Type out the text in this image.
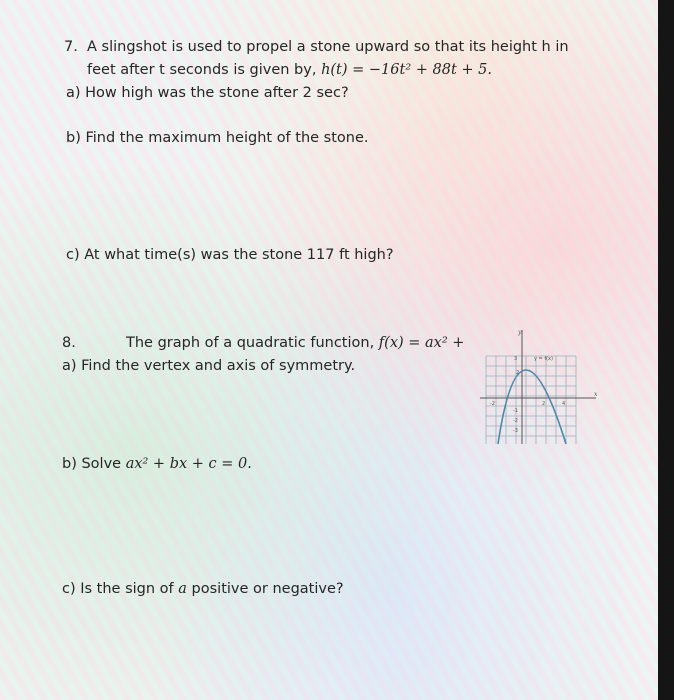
7. A slingshot is used to propel a stone upward so that its height h in
feet after t seconds is given by, h(t) = −16t² + 88t + 5.
a) How high was the stone after 2 sec?
b) Find the maximum height of the stone.
c) At what time(s) was the stone 117 ft high?
8.	The graph of a quadratic function, f(x) = ax² +
a) Find the vertex and axis of symmetry.
b) Solve ax² + bx + c = 0.
c) Is the sign of a positive or negative?
y
x
y = f(x)
3
2
-2	2	4
-1
-2
-3
